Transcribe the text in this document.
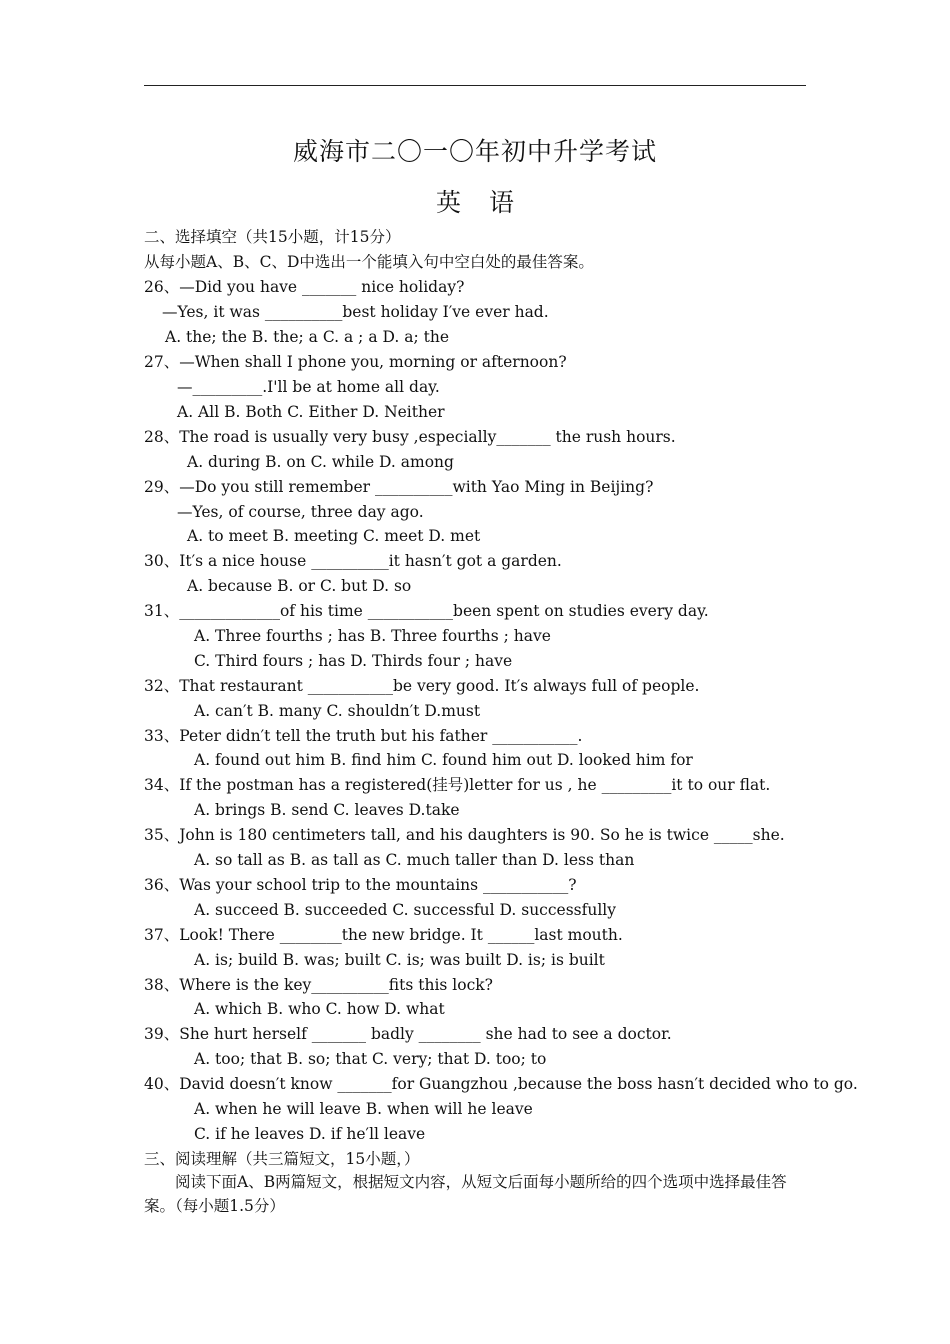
威海市二〇一〇年初中升学考试
英语
二、选择填空（共15小题，计15分）
从每小题A、B、C、D中选出一个能填入句中空白处的最佳答案。
26、—Did you have _______ nice holiday?
—Yes, it was __________best holiday I′ve ever had.
A. the; the B. the; a C. a ; a D. a; the
27、—When shall I phone you, morning or afternoon?
—_________.I'll be at home all day.
A. All B. Both C. Either D. Neither
28、The road is usually very busy ,especially_______ the rush hours.
A. during B. on C. while D. among
29、—Do you still remember __________with Yao Ming in Beijing?
—Yes, of course, three day ago.
A. to meet B. meeting C. meet D. met
30、It′s a nice house __________it hasn′t got a garden.
A. because B. or C. but D. so
31、_____________of his time ___________been spent on studies every day.
A. Three fourths ; has B. Three fourths ; have
C. Third fours ; has D. Thirds four ; have
32、That restaurant ___________be very good. It′s always full of people.
A. can′t B. many C. shouldn′t D.must
33、Peter didn′t tell the truth but his father ___________.
A. found out him B. find him C. found him out D. looked him for
34、If the postman has a registered(挂号)letter for us , he _________it to our flat.
A. brings B. send C. leaves D.take
35、John is 180 centimeters tall, and his daughters is 90. So he is twice _____she.
A. so tall as B. as tall as C. much taller than D. less than
36、Was your school trip to the mountains ___________?
A. succeed B. succeeded C. successful D. successfully
37、Look! There ________the new bridge. It ______last mouth.
A. is; build B. was; built C. is; was built D. is; is built
38、Where is the key__________fits this lock?
A. which B. who C. how D. what
39、She hurt herself _______ badly ________ she had to see a doctor.
A. too; that B. so; that C. very; that D. too; to
40、David doesn′t know _______for Guangzhou ,because the boss hasn′t decided who to go.
A. when he will leave B. when will he leave
C. if he leaves D. if he′ll leave
三、阅读理解（共三篇短文，15小题，）
　　阅读下面A、B两篇短文，根据短文内容，从短文后面每小题所给的四个选项中选择最佳答案。（每小题1.5分）
